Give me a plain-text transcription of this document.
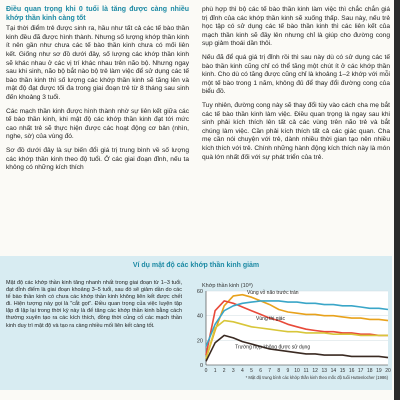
Điều quan trọng khi 0 tuổi là tăng được càng nhiều khớp thần kinh càng tốt

Tại thời điểm trẻ được sinh ra, hầu như tất cả các tế bào thần kinh đều đã được hình thành. Nhưng số lượng khớp thần kinh ít nên gần như chưa các tế bào thần kinh chưa có mối liên kết. Giống như sơ đồ dưới đây, số lượng các khớp thần kinh sẽ khác nhau ở các vị trí khác nhau trên não bộ. Nhưng ngay sau khi sinh, não bộ bắt nào bộ trẻ làm việc để sử dụng các tế bào thần kinh thì số lượng các khớp thần kinh sẽ tăng lên và mật độ đạt được tối đa trong giai đoạn trẻ từ 8 tháng sau sinh đến khoảng 3 tuổi.

Các mạch thần kinh được hình thành nhờ sự liên kết giữa các tế bào thần kinh, khi mật độ các khớp thần kinh đạt tới mức cao nhất trẻ sẽ thực hiện được các hoạt động cơ bản (nhìn, nghe, sờ) của vùng đó.

Sơ đồ dưới đây là sự biến đổi giá trị trung bình về số lượng các khớp thần kinh theo độ tuổi. Ở các giai đoạn đỉnh, nếu ta không có những kích thích

phù hợp thì bộ các tế bào thần kinh làm việc thì chắc chắn giá trị đỉnh của các khớp thần kinh sẽ xuống thấp. Sau này, nếu trẻ học tập có sử dụng các tế bào thần kinh thì các liên kết của mạch thần kinh sẽ đầy lên nhưng chỉ là giúp cho đường cong sụp giảm thoái dần thôi.

Nếu đã để quá giá trị đỉnh rồi thì sau này dù có sử dụng các tế bào thần kinh cũng chỉ có thể tăng một chút ít ở các khớp thần kinh. Cho dù có tăng được cũng chỉ là khoảng 1–2 khớp với mỗi một tế bào trong 1 năm, không đủ để thay đổi đường cong của biểu đồ.

Tuy nhiên, đường cong này sẽ thay đổi tùy vào cách cha mẹ bắt các tế bào thần kinh làm việc. Điều quan trọng là ngay sau khi sinh phải kích thích lên tất cả các vùng trên não trẻ và bắt chúng làm việc. Cần phải kích thích tất cả các giác quan. Cha mẹ cần nói chuyện với trẻ, dành nhiều thời gian tạo nên nhiều kích thích với trẻ. Chính những hành động kích thích này là món quà lớn nhất đối với sự phát triển của trẻ.

Ví dụ mật độ các khớp thần kinh giảm
Mật độ các khớp thần kinh tăng nhanh nhất trong giai đoạn từ 1–3 tuổi, đạt đỉnh điểm là giai đoạn khoảng 3–5 tuổi, sau đó sẽ giảm dần do các tế bào thần kinh có chưa các khớp thần kinh không liên kết được chết đi. Hiện tượng này gọi là "cắt gọt". Điều quan trọng của việc luyện tập lặp đi lặp lại trong thời kỳ này là để tăng các khớp thần kinh bằng cách thường xuyên tạo ra các kích thích, đồng thời củng cố các mạch thần kinh duy trì mật độ và tạo ra càng nhiều mối liên kết càng tốt.
0
20
40
60
0 1 2 3 4 5 6 7 8 9 10 11 12 13 14 15 16 17 18 19 20
Khớp thần kinh (10⁸)
Vùng vỏ não trước trán
Vùng thị giác
Trường hợp không được sử dụng
* Mật độ trung bình các khớp thần kinh theo mốc độ tuổi Huttenlocher (1986)
